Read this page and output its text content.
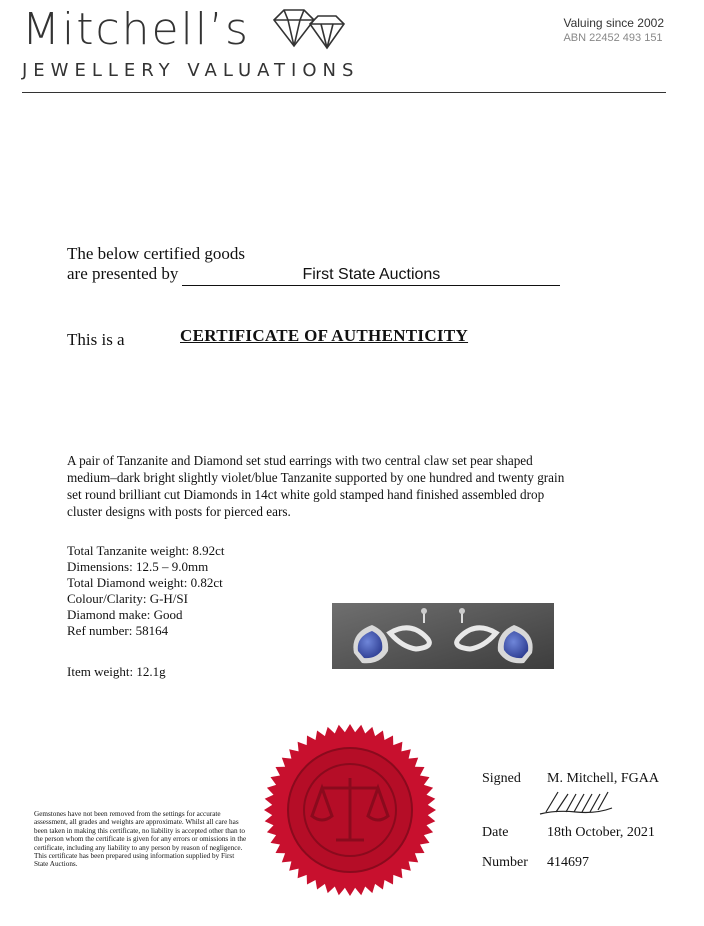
Mitchell’s
JEWELLERY VALUATIONS
Valuing since 2002
ABN 22452 493 151
The below certified goods
are presented by	First State Auctions
This is a	CERTIFICATE OF AUTHENTICITY
A pair of Tanzanite and Diamond set stud earrings with two central claw set pear shaped medium–dark bright slightly violet/blue Tanzanite supported by one hundred and twenty grain set round brilliant cut Diamonds in 14ct white gold stamped hand finished assembled drop cluster designs with posts for pierced ears.
Total Tanzanite weight: 8.92ct
Dimensions: 12.5 – 9.0mm
Total Diamond weight: 0.82ct
Colour/Clarity: G-H/SI
Diamond make: Good
Ref number: 58164
Item weight: 12.1g
Gemstones have not been removed from the settings for accurate assessment, all grades and weights are approximate. Whilst all care has been taken in making this certificate, no liability is accepted other than to the person whom the certificate is given for any errors or omissions in the certificate, including any liability to any person by reason of negligence. This certificate has been prepared using information supplied by First State Auctions.
Signed M. Mitchell, FGAA
Date	18th October, 2021
Number 414697
